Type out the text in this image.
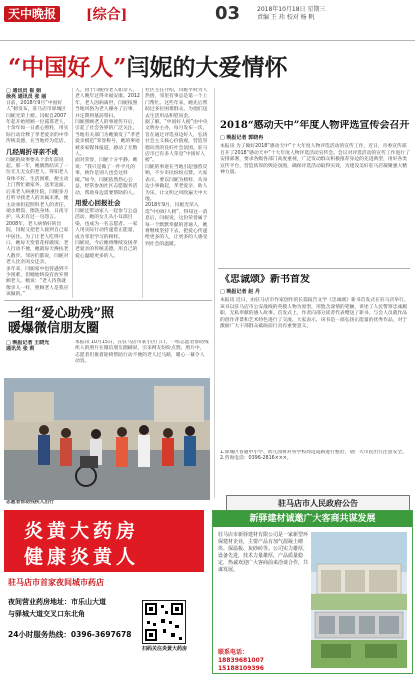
天中晚报 [综合]	03	2018年10月18日 星期三
责编 王 玮 校对 杨 帆
“中国好人”闫妮的大爱情怀
□ 通讯员 崔 娟
徐亮 通讯员 张 丽
日前，2018年9月“中国好人”榜发布，驻马店市驿城区闫妮光荣上榜。闫妮自2007年起开始照顾一位孤寡老人，十余年如一日悉心照料，用实际行动诠释了孝老爱亲的中华传统美德，在当地传为佳话。
几经周折寻亲不成
闫妮的故事要从十余年前说起。那一年，她偶然结识了一位无儿无女的老人，得知老人身体不好、生活困难，便主动上门帮忙做家务、送米送面。后来老人病重住院，闫妮多方打听寻找老人的亲属未果，便主动承担起照料老人的责任，端水喂饭、擦洗身体，日夜守护，从未有过一句怨言。
2008年，老人病情好转出院，闫妮又把老人接到自己家中居住。为了让老人吃得可口，她每天变着花样做饭；老人行动不便，她就每天搀扶老人散步。邻居们都说，闫妮对老人比亲闺女还亲。
多年来，闫妮家中也曾遇到不少困难，但她始终没有放弃照顾老人。她说：“老人待我就像亲人一样，照顾老人是我应该做的。”
人，由于闫妮待老人如亲人，老人晚年过得幸福安康。2012年，老人因病离世，闫妮按照当地风俗为老人操办了后事，并定期到墓前祭扫。
闫妮照顾老人的事迹传开后，引起了社会各界的广泛关注。当地有关部门为她颁发了“孝老爱亲模范”荣誉称号，她的事迹被多家媒体报道，感动了无数人。
面对荣誉，闫妮十分平静。她说：“我只是做了一件平凡的事，换作是别人也会这样做。”如今，闫妮依然热心公益，经常参加社区志愿服务活动，帮助身边需要帮助的人。
用爱心回报社会
闫妮还带动家人一起参与公益活动，她的女儿从小耳濡目染，也成为一名志愿者。一家人用实际行动传递着正能量，成为邻里学习的榜样。
闫妮说，今后她将继续发扬孝老爱亲的传统美德，用自己的爱心温暖更多的人。
社区主任介绍，闫妮平时为人热情，邻里有事总是第一个上门帮忙。这些年来，她先后帮助过多位困难群众，为他们送去生活用品和慰问金。
据了解，“中国好人榜”由中央文明办主办，每月发布一次，旨在通过评选身边好人，弘扬社会主义核心价值观，营造崇德向善的良好社会氛围。驻马店市已有多人荣登“中国好人榜”。
闫妮的事迹在当地引起强烈反响，不少市民纷纷点赞。大家表示，要以闫妮为榜样，从身边小事做起，孝老爱亲、助人为乐，让文明之风吹遍天中大地。
2018年9月，闫妮光荣入选“中国好人榜”。得知这一消息后，闫妮说，这份荣誉属于每一个默默奉献的普通人，她将继续坚持下去，把爱心传递给更多的人，让更多的人感受到社会的温暖。
2018“感动天中”年度人物评选宣传会召开
□ 晚报记者 郭晓冉
本报讯 为了做好2018“感动天中”十大年度人物评选活动的宣传工作，近日，市委宣传部召开了2018“感动天中”十大年度人物评选活动宣传会。会议对评选活动的宣传工作进行了安排部署，要求各级各部门高度重视，广泛发动群众积极推荐身边的先进典型，用好各类宣传平台，营造浓厚的舆论氛围，确保评选活动取得实效，为建设美好驻马店凝聚强大精神力量。
《忠诚颂》新书首发
□ 晚报记者 赵 丹
本报讯 近日，由驻马店市作家创作的长篇报告文学《忠诚颂》新书首发式在驻马店举行。该书以驻马店市公安战线的英模人物为原型，用饱含深情的笔触，讲述了人民警察忠诚履职、无私奉献的感人故事。首发式上，作者向部分读者代表赠送了新书，与会人员就作品的创作背景和艺术特色进行了交流。大家表示，该书是一部弘扬正能量的优秀作品，对于激励广大干部群众砥砺前行具有重要意义。
一组“爱心助残”照
暖爆微信朋友圈
□ 晚报记者 王晓光
通讯员 张 莉
本报讯 10月15日，在驻马店市某小区门口，一组志愿者帮助残疾人的照片在微信朋友圈刷屏，引来网友纷纷点赞。照片中，志愿者们推着轮椅帮助行动不便的老人过马路，暖心一幕令人动容。
志愿者帮助残疾人出行
1.驿城区普通中小学、幼儿园将对各学校周边道路进行整治，请广大市民出行注意安全。2.咨询电话：0396-2816×××。
驻马店市人民政府公告
炎黄大药房
健康炎黄人
驻马店市首家夜间城市药店
夜间营业药房地址：市乐山大道
与驿城大道交叉口东北角
24小时服务热线：0396-3697678
扫码关注炎黄大药房
新驿建材诚邀广大客商共谋发展
驻马店市新驿建材有限公司是一家新型环保建材企业，主要产品有加气混凝土砌块、保温板、灰砂砖等。公司实力雄厚，设备先进，技术力量雄厚，产品质量稳定，热诚欢迎广大客商前来洽谈合作，共谋发展。
联系电话：
18839681007
15188109396
